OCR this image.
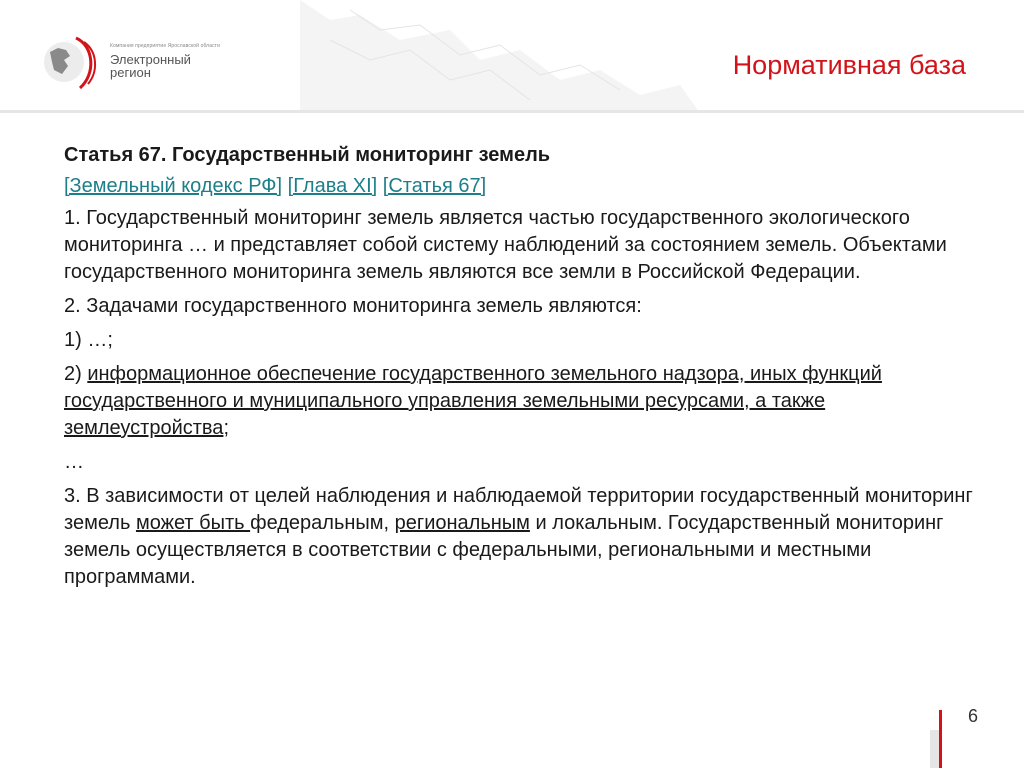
Компания предприятие Ярославской области
Электронный
регион	Нормативная база

Статья 67. Государственный мониторинг земель

[Земельный кодекс РФ] [Глава XI] [Статья 67]

1. Государственный мониторинг земель является частью государственного экологического мониторинга … и представляет собой систему наблюдений за состоянием земель. Объектами государственного мониторинга земель являются все земли в Российской Федерации.

2. Задачами государственного мониторинга земель являются:

1) …;

2) информационное обеспечение государственного земельного надзора, иных функций государственного и муниципального управления земельными ресурсами, а также землеустройства;

…

3. В зависимости от целей наблюдения и наблюдаемой территории государственный мониторинг земель может быть федеральным, региональным и локальным. Государственный мониторинг земель осуществляется в соответствии с федеральными, региональными и местными программами.

6
